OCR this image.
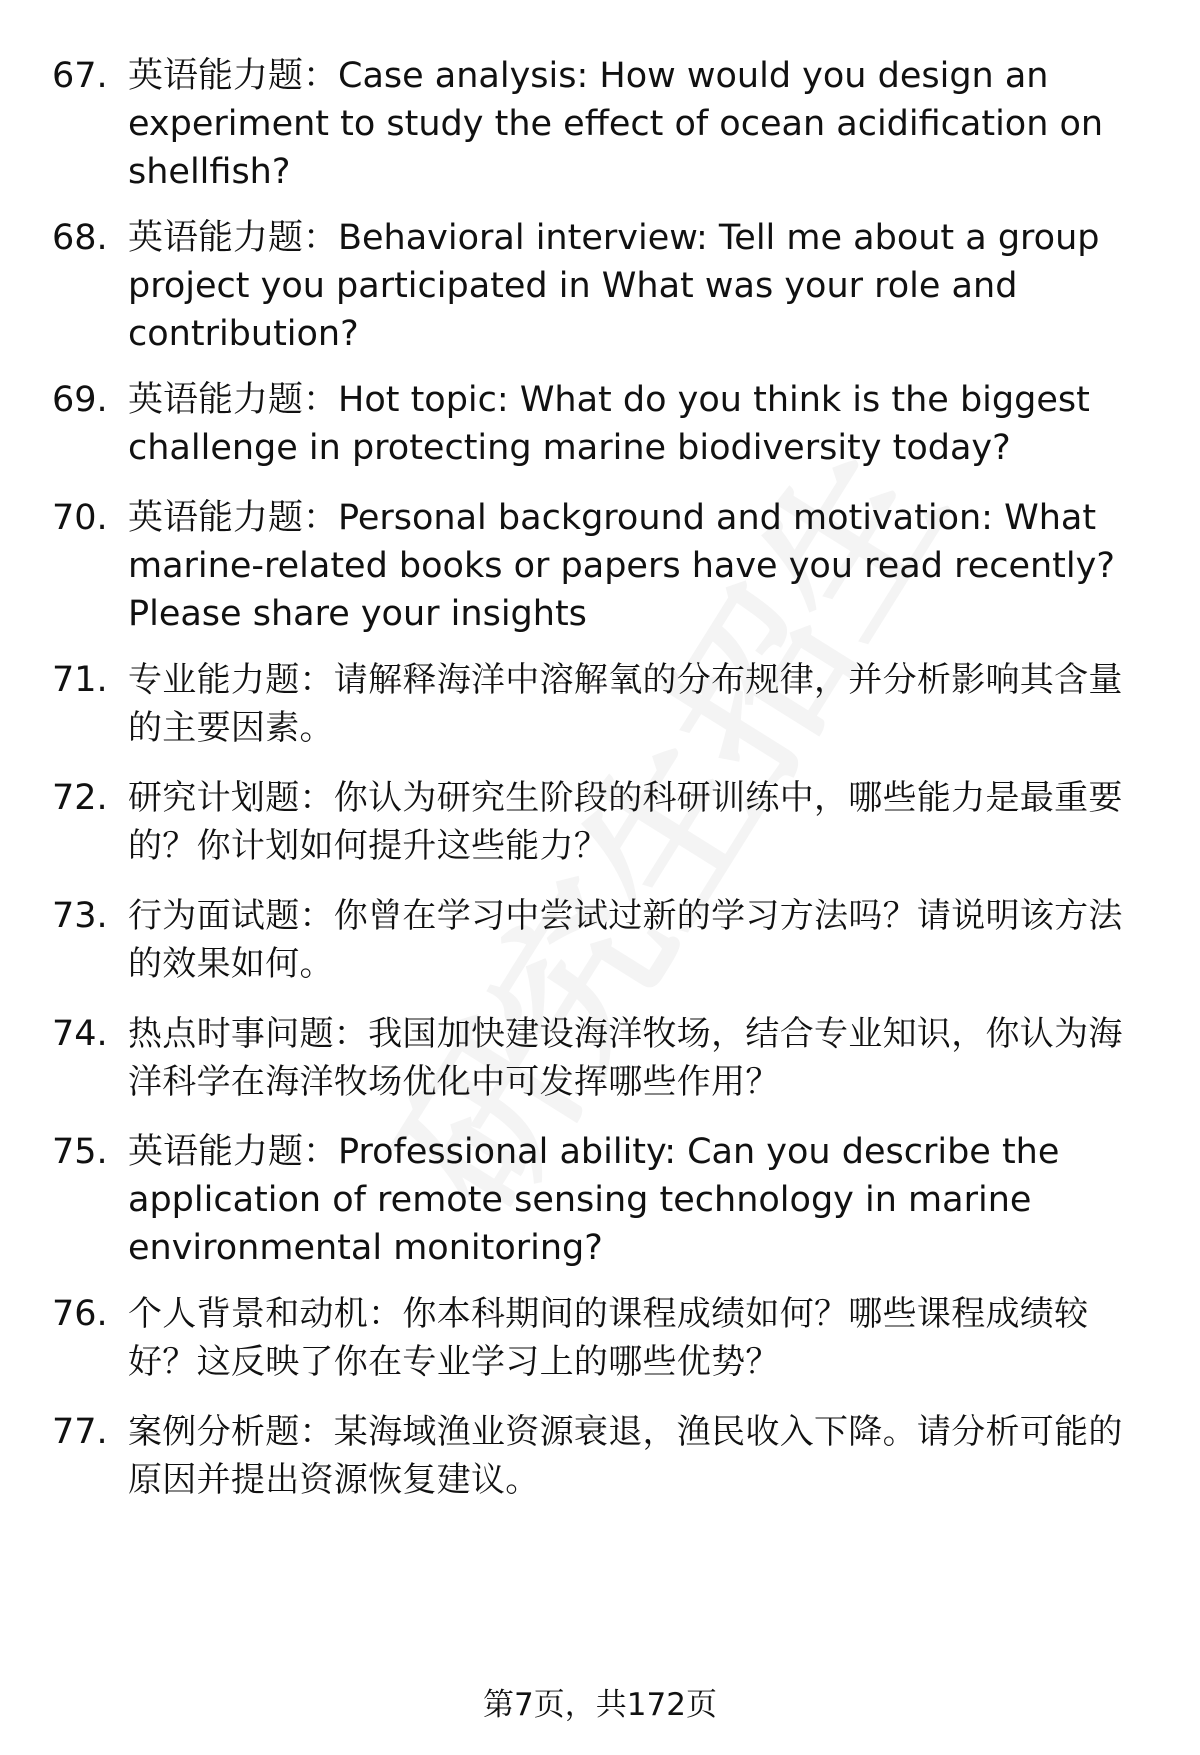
67. 英语能力题：Case analysis: How would you design an experiment to study the effect of ocean acidification on shellfish?
68. 英语能力题：Behavioral interview: Tell me about a group project you participated in What was your role and contribution?
69. 英语能力题：Hot topic: What do you think is the biggest challenge in protecting marine biodiversity today?
70. 英语能力题：Personal background and motivation: What marine-related books or papers have you read recently? Please share your insights
71. 专业能力题：请解释海洋中溶解氧的分布规律，并分析影响其含量的主要因素。
72. 研究计划题：你认为研究生阶段的科研训练中，哪些能力是最重要的？你计划如何提升这些能力？
73. 行为面试题：你曾在学习中尝试过新的学习方法吗？请说明该方法的效果如何。
74. 热点时事问题：我国加快建设海洋牧场，结合专业知识，你认为海洋科学在海洋牧场优化中可发挥哪些作用？
75. 英语能力题：Professional ability: Can you describe the application of remote sensing technology in marine environmental monitoring?
76. 个人背景和动机：你本科期间的课程成绩如何？哪些课程成绩较好？这反映了你在专业学习上的哪些优势？
77. 案例分析题：某海域渔业资源衰退，渔民收入下降。请分析可能的原因并提出资源恢复建议。
第7页，共172页
